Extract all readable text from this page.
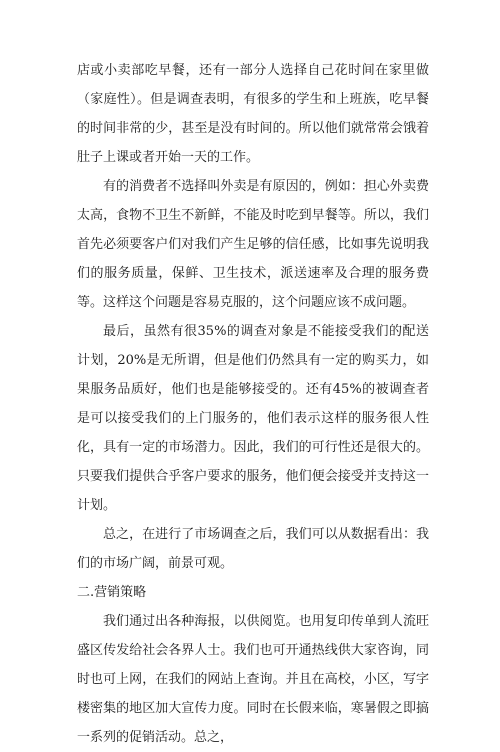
店或小卖部吃早餐，还有一部分人选择自己花时间在家里做（家庭性）。但是调查表明，有很多的学生和上班族，吃早餐的时间非常的少，甚至是没有时间的。所以他们就常常会饿着肚子上课或者开始一天的工作。

有的消费者不选择叫外卖是有原因的，例如：担心外卖费太高，食物不卫生不新鲜，不能及时吃到早餐等。所以，我们首先必须要客户们对我们产生足够的信任感，比如事先说明我们的服务质量，保鲜、卫生技术，派送速率及合理的服务费等。这样这个问题是容易克服的，这个问题应该不成问题。

最后，虽然有很35%的调查对象是不能接受我们的配送计划，20%是无所谓，但是他们仍然具有一定的购买力，如果服务品质好，他们也是能够接受的。还有45%的被调查者是可以接受我们的上门服务的，他们表示这样的服务很人性化，具有一定的市场潜力。因此，我们的可行性还是很大的。只要我们提供合乎客户要求的服务，他们便会接受并支持这一计划。

总之，在进行了市场调查之后，我们可以从数据看出：我们的市场广阔，前景可观。

二.营销策略

我们通过出各种海报，以供阅览。也用复印传单到人流旺盛区传发给社会各界人士。我们也可开通热线供大家咨询，同时也可上网，在我们的网站上查询。并且在高校，小区，写字楼密集的地区加大宣传力度。同时在长假来临，寒暑假之即搞一系列的促销活动。总之，
